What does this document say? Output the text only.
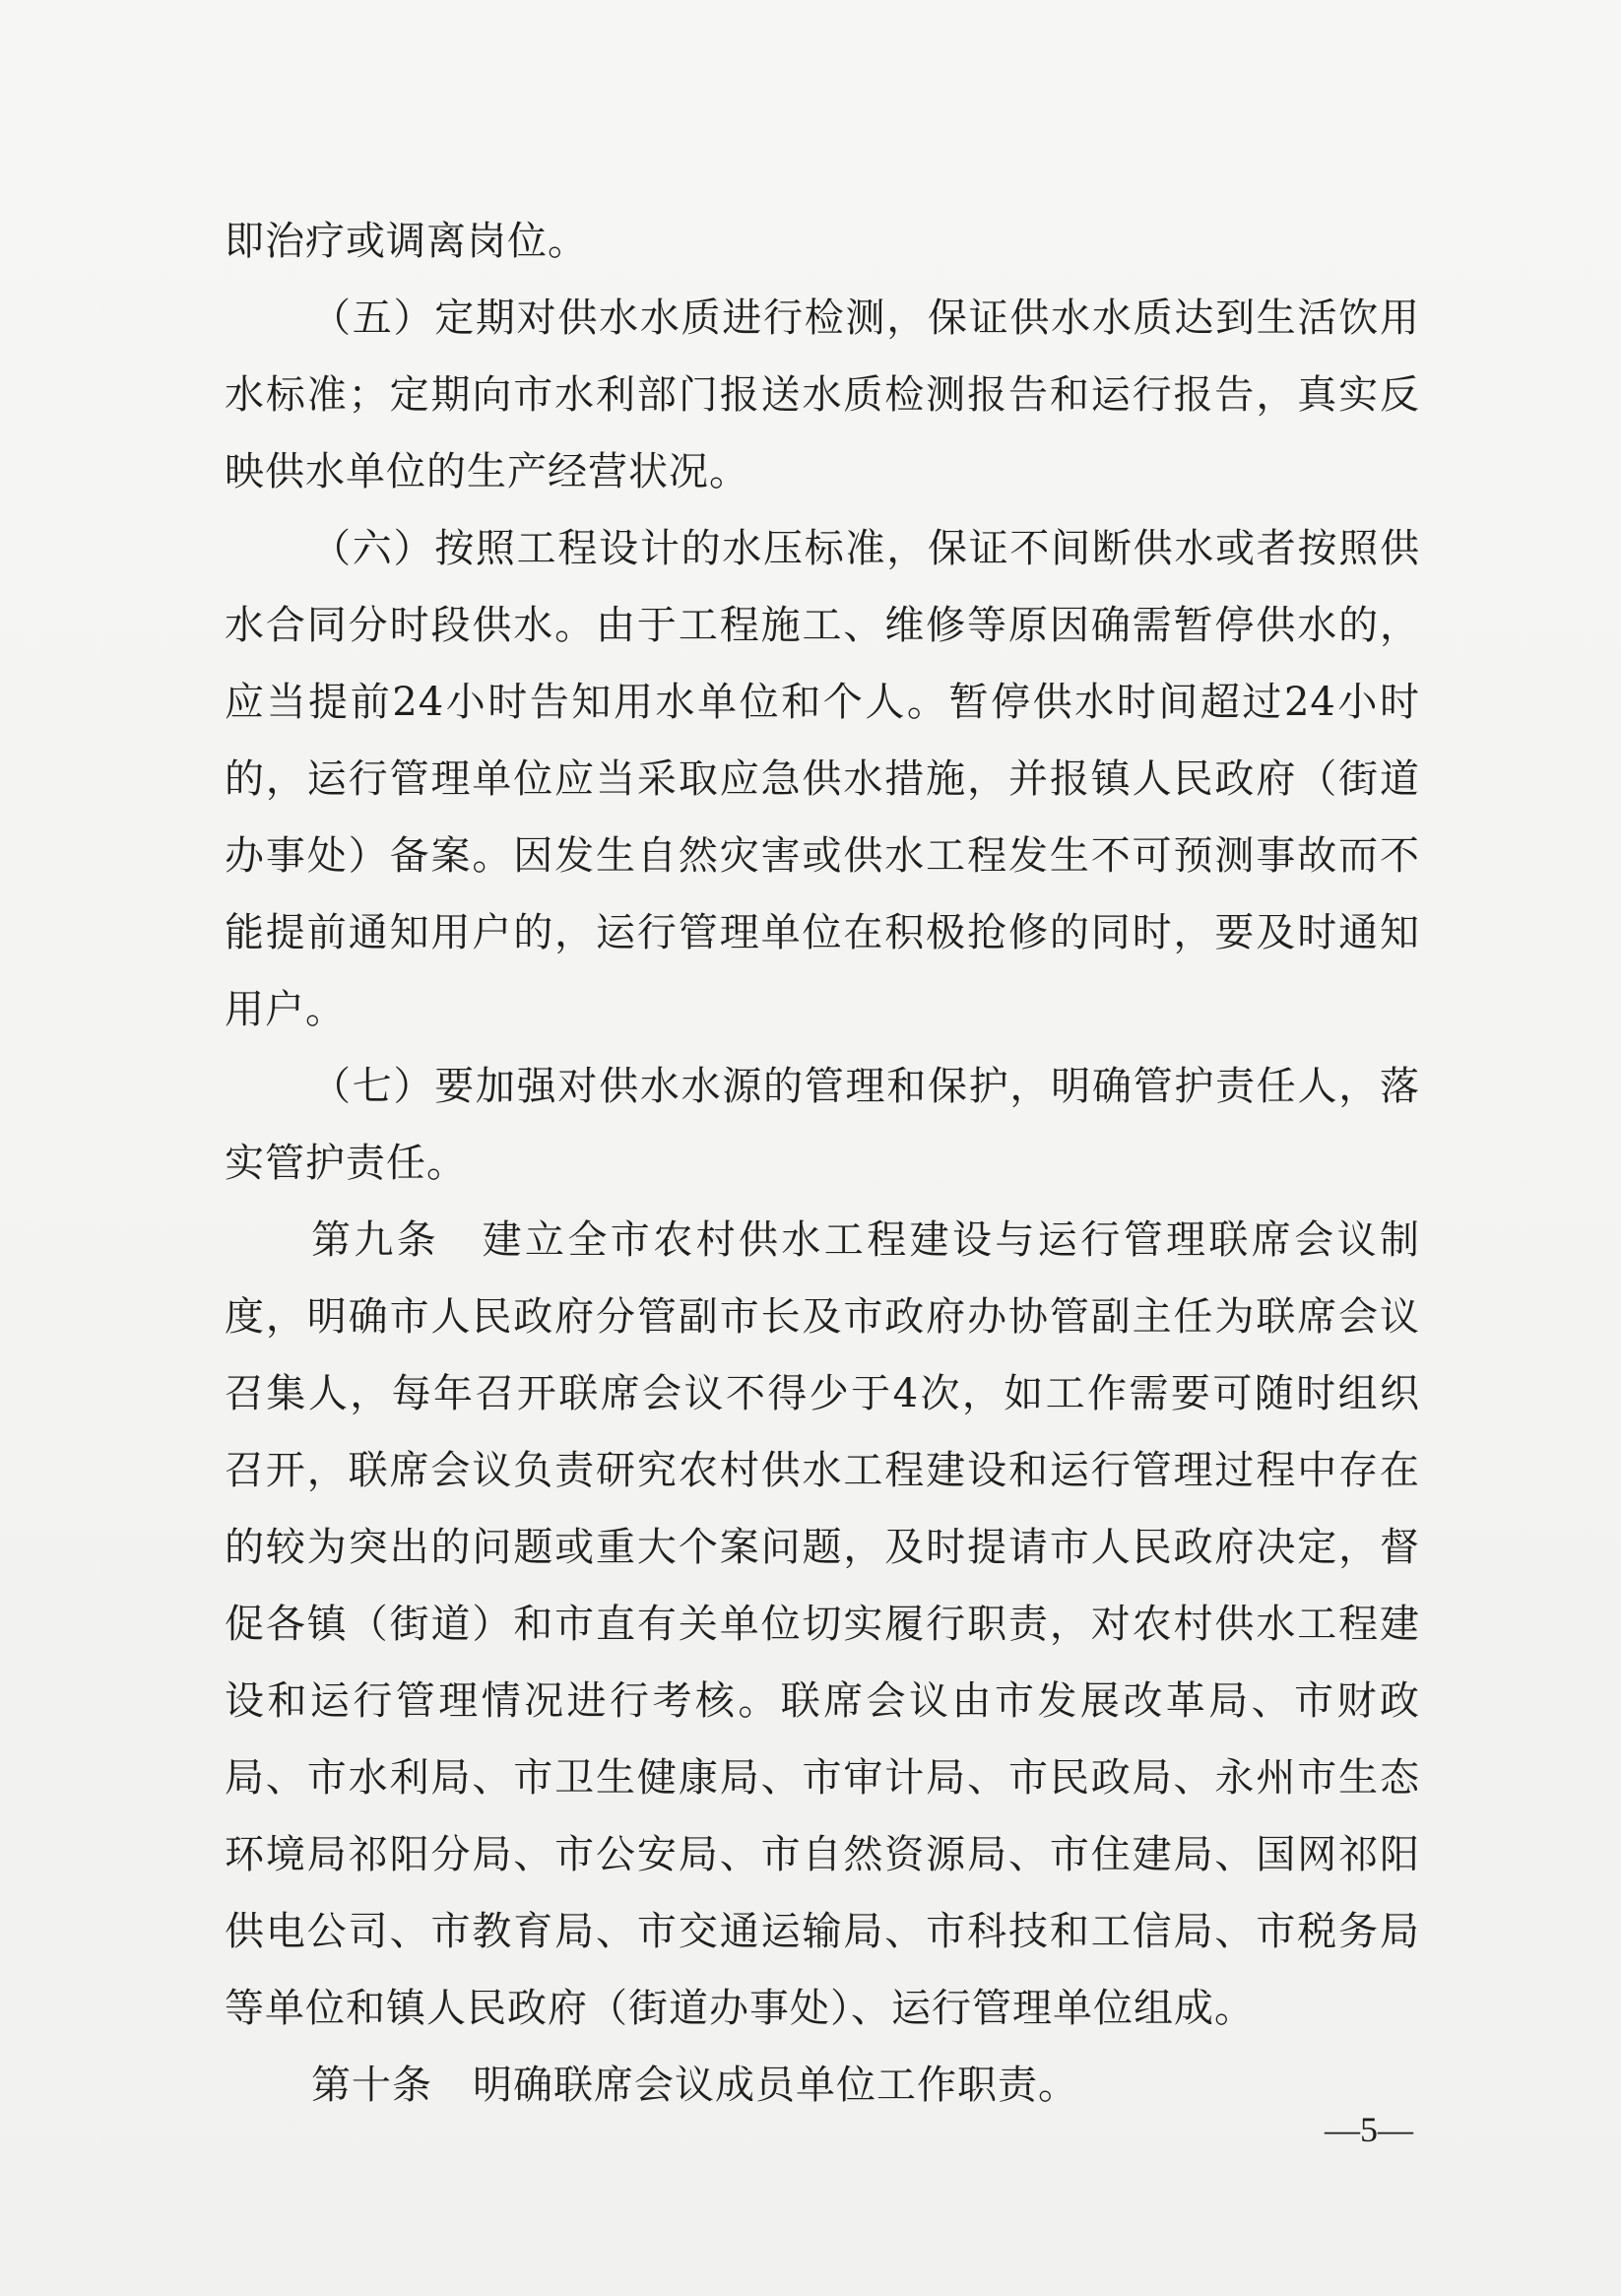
即治疗或调离岗位。

（五）定期对供水水质进行检测，保证供水水质达到生活饮用水标准；定期向市水利部门报送水质检测报告和运行报告，真实反映供水单位的生产经营状况。

（六）按照工程设计的水压标准，保证不间断供水或者按照供水合同分时段供水。由于工程施工、维修等原因确需暂停供水的，应当提前24小时告知用水单位和个人。暂停供水时间超过24小时的，运行管理单位应当采取应急供水措施，并报镇人民政府（街道办事处）备案。因发生自然灾害或供水工程发生不可预测事故而不能提前通知用户的，运行管理单位在积极抢修的同时，要及时通知用户。

（七）要加强对供水水源的管理和保护，明确管护责任人，落实管护责任。

第九条　建立全市农村供水工程建设与运行管理联席会议制度，明确市人民政府分管副市长及市政府办协管副主任为联席会议召集人，每年召开联席会议不得少于4次，如工作需要可随时组织召开，联席会议负责研究农村供水工程建设和运行管理过程中存在的较为突出的问题或重大个案问题，及时提请市人民政府决定，督促各镇（街道）和市直有关单位切实履行职责，对农村供水工程建设和运行管理情况进行考核。联席会议由市发展改革局、市财政局、市水利局、市卫生健康局、市审计局、市民政局、永州市生态环境局祁阳分局、市公安局、市自然资源局、市住建局、国网祁阳供电公司、市教育局、市交通运输局、市科技和工信局、市税务局等单位和镇人民政府（街道办事处）、运行管理单位组成。

第十条　明确联席会议成员单位工作职责。

—5—
